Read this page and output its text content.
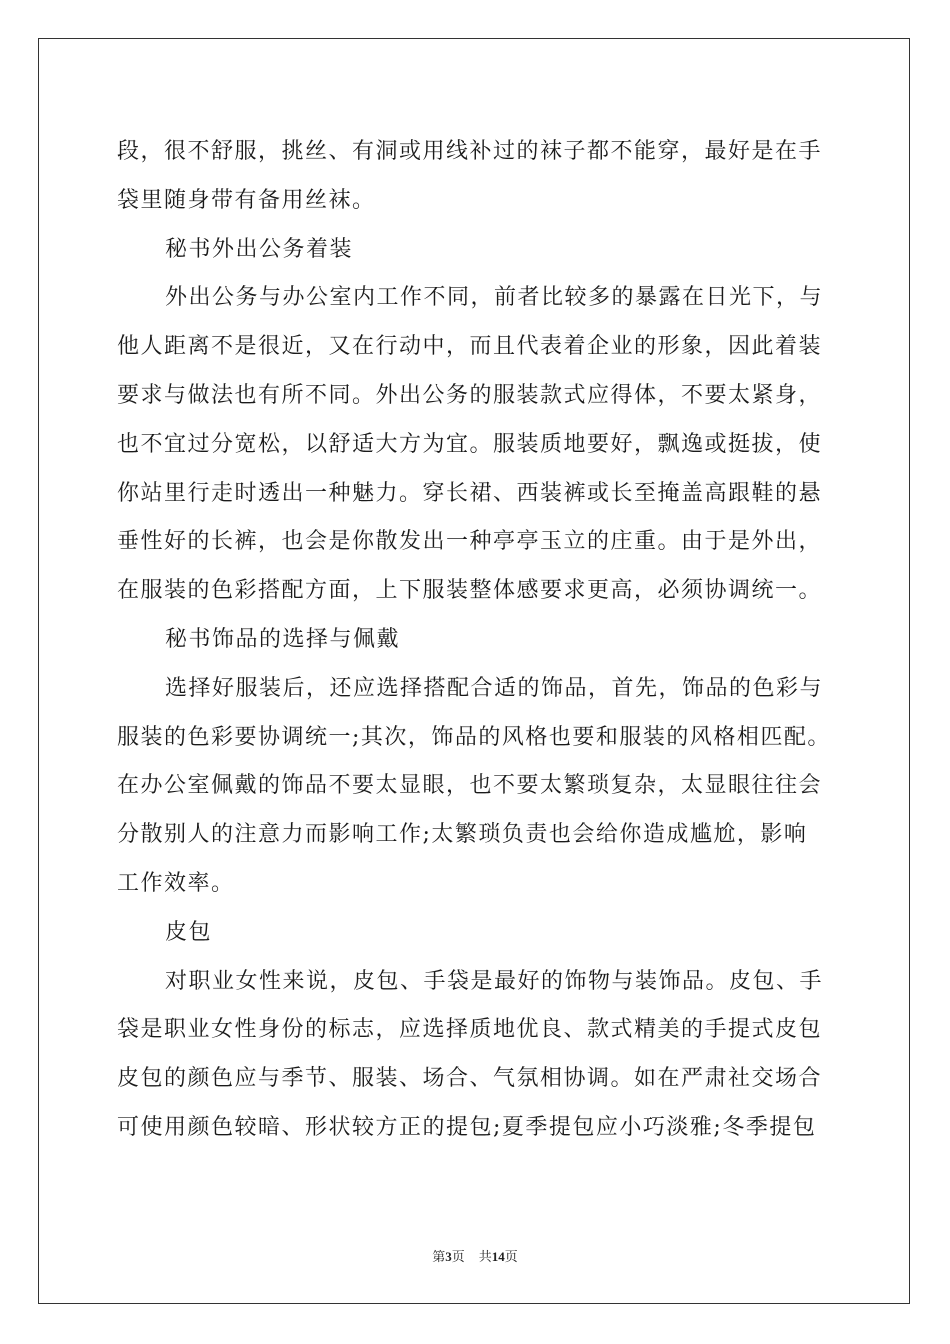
段，很不舒服，挑丝、有洞或用线补过的袜子都不能穿，最好是在手
袋里随身带有备用丝袜。
秘书外出公务着装
外出公务与办公室内工作不同，前者比较多的暴露在日光下，与
他人距离不是很近，又在行动中，而且代表着企业的形象，因此着装
要求与做法也有所不同。外出公务的服装款式应得体，不要太紧身，
也不宜过分宽松，以舒适大方为宜。服装质地要好，飘逸或挺拔，使
你站里行走时透出一种魅力。穿长裙、西装裤或长至掩盖高跟鞋的悬
垂性好的长裤，也会是你散发出一种亭亭玉立的庄重。由于是外出，
在服装的色彩搭配方面，上下服装整体感要求更高，必须协调统一。
秘书饰品的选择与佩戴
选择好服装后，还应选择搭配合适的饰品，首先，饰品的色彩与
服装的色彩要协调统一;其次，饰品的风格也要和服装的风格相匹配。
在办公室佩戴的饰品不要太显眼，也不要太繁琐复杂，太显眼往往会
分散别人的注意力而影响工作;太繁琐负责也会给你造成尴尬，影响
工作效率。
皮包
对职业女性来说，皮包、手袋是最好的饰物与装饰品。皮包、手
袋是职业女性身份的标志，应选择质地优良、款式精美的手提式皮包
皮包的颜色应与季节、服装、场合、气氛相协调。如在严肃社交场合
可使用颜色较暗、形状较方正的提包;夏季提包应小巧淡雅;冬季提包
第3页 共14页
